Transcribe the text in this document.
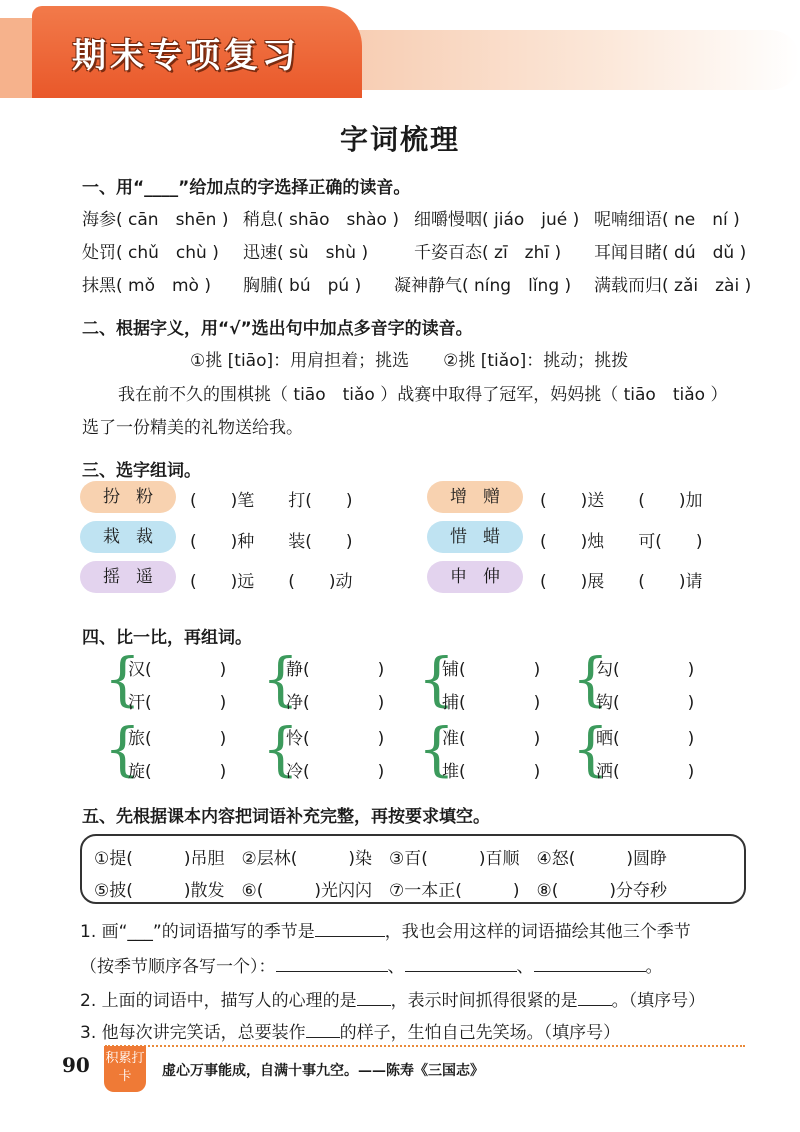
期末专项复习
字词梳理
一、用“____”给加点的字选择正确的读音。
海参( cān　shēn ) 稍息( shāo　shào ) 细嚼慢咽( jiáo　jué ) 呢喃细语( ne　ní )
处罚( chǔ　chù ) 迅速( sù　shù )	千姿百态( zī　zhī ) 耳闻目睹( dú　dǔ )
抹黑( mǒ　mò ) 胸脯( bú　pú ) 凝神静气( níng　lǐng ) 满载而归( zǎi　zài )
二、根据字义，用“√”选出句中加点多音字的读音。
①挑 [tiāo]：用肩担着；挑选　　②挑 [tiǎo]：挑动；挑拨
我在前不久的围棋挑（ tiāo　tiǎo ）战赛中取得了冠军，妈妈挑（ tiāo　tiǎo ）
选了一份精美的礼物送给我。
三、选字组词。
扮粉	(　　)笔　　打(　　)	增赠	(　　)送　　(　　)加
栽裁	(　　)种　　装(　　)	惜蜡	(　　)烛　　可(　　)
摇遥	(　　)远　　(　　)动	申伸	(　　)展　　(　　)请
四、比一比，再组词。
{
汉(　　　　)
汗(　　　　) {
静(　　　　)
净(　　　　) {
铺(　　　　)
捕(　　　　) {
勾(　　　　)
钩(　　　　)
{
旅(　　　　)
旋(　　　　) {
怜(　　　　)
冷(　　　　) {
准(　　　　)
堆(　　　　) {
晒(　　　　)
洒(　　　　)
五、先根据课本内容把词语补充完整，再按要求填空。
①提(　　　)吊胆　②层林(　　　)染　③百(　　　)百顺　④怒(　　　)圆睁
⑤披(　　　)散发　⑥(　　　)光闪闪　⑦一本正(　　　)　⑧(　　　)分夺秒
1. 画“___”的词语描写的季节是	，我也会用这样的词语描绘其他三个季节
（按季节顺序各写一个）：	、	、	。
2. 上面的词语中，描写人的心理的是 ，表示时间抓得很紧的是 。（填序号）
3. 他每次讲完笑话，总要装作 的样子，生怕自己先笑场。（填序号）
90 积累打卡	虚心万事能成，自满十事九空。——陈寿《三国志》
